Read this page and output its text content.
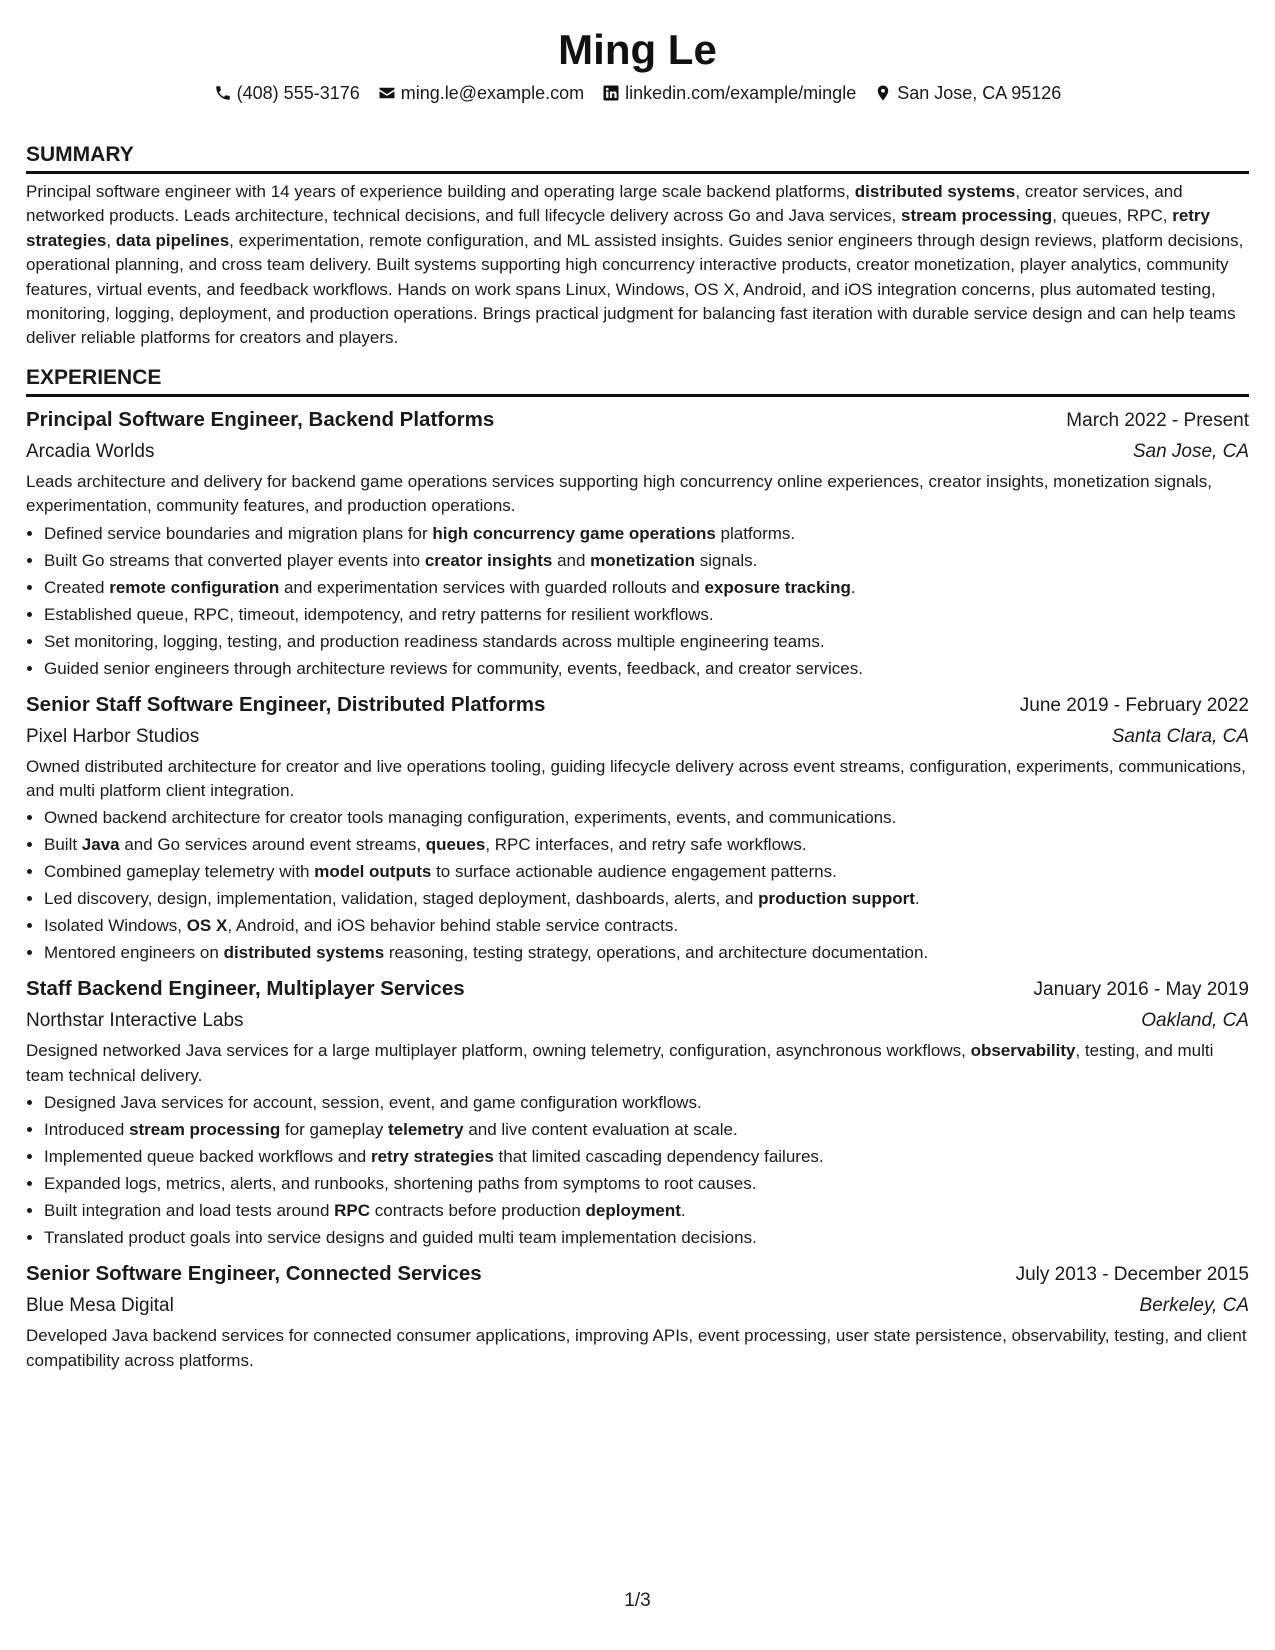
Ming Le
(408) 555-3176 ming.le@example.com linkedin.com/example/mingle San Jose, CA 95126
SUMMARY
Principal software engineer with 14 years of experience building and operating large scale backend platforms, distributed systems, creator services, and networked products. Leads architecture, technical decisions, and full lifecycle delivery across Go and Java services, stream processing, queues, RPC, retry strategies, data pipelines, experimentation, remote configuration, and ML assisted insights. Guides senior engineers through design reviews, platform decisions, operational planning, and cross team delivery. Built systems supporting high concurrency interactive products, creator monetization, player analytics, community features, virtual events, and feedback workflows. Hands on work spans Linux, Windows, OS X, Android, and iOS integration concerns, plus automated testing, monitoring, logging, deployment, and production operations. Brings practical judgment for balancing fast iteration with durable service design and can help teams deliver reliable platforms for creators and players.
EXPERIENCE
Principal Software Engineer, Backend Platforms	March 2022 - Present
Arcadia Worlds	San Jose, CA
Leads architecture and delivery for backend game operations services supporting high concurrency online experiences, creator insights, monetization signals, experimentation, community features, and production operations.
• Defined service boundaries and migration plans for high concurrency game operations platforms.
• Built Go streams that converted player events into creator insights and monetization signals.
• Created remote configuration and experimentation services with guarded rollouts and exposure tracking.
• Established queue, RPC, timeout, idempotency, and retry patterns for resilient workflows.
• Set monitoring, logging, testing, and production readiness standards across multiple engineering teams.
• Guided senior engineers through architecture reviews for community, events, feedback, and creator services.
Senior Staff Software Engineer, Distributed Platforms	June 2019 - February 2022
Pixel Harbor Studios	Santa Clara, CA
Owned distributed architecture for creator and live operations tooling, guiding lifecycle delivery across event streams, configuration, experiments, communications, and multi platform client integration.
• Owned backend architecture for creator tools managing configuration, experiments, events, and communications.
• Built Java and Go services around event streams, queues, RPC interfaces, and retry safe workflows.
• Combined gameplay telemetry with model outputs to surface actionable audience engagement patterns.
• Led discovery, design, implementation, validation, staged deployment, dashboards, alerts, and production support.
• Isolated Windows, OS X, Android, and iOS behavior behind stable service contracts.
• Mentored engineers on distributed systems reasoning, testing strategy, operations, and architecture documentation.
Staff Backend Engineer, Multiplayer Services	January 2016 - May 2019
Northstar Interactive Labs	Oakland, CA
Designed networked Java services for a large multiplayer platform, owning telemetry, configuration, asynchronous workflows, observability, testing, and multi team technical delivery.
• Designed Java services for account, session, event, and game configuration workflows.
• Introduced stream processing for gameplay telemetry and live content evaluation at scale.
• Implemented queue backed workflows and retry strategies that limited cascading dependency failures.
• Expanded logs, metrics, alerts, and runbooks, shortening paths from symptoms to root causes.
• Built integration and load tests around RPC contracts before production deployment.
• Translated product goals into service designs and guided multi team implementation decisions.
Senior Software Engineer, Connected Services	July 2013 - December 2015
Blue Mesa Digital	Berkeley, CA
Developed Java backend services for connected consumer applications, improving APIs, event processing, user state persistence, observability, testing, and client compatibility across platforms.
1/3
